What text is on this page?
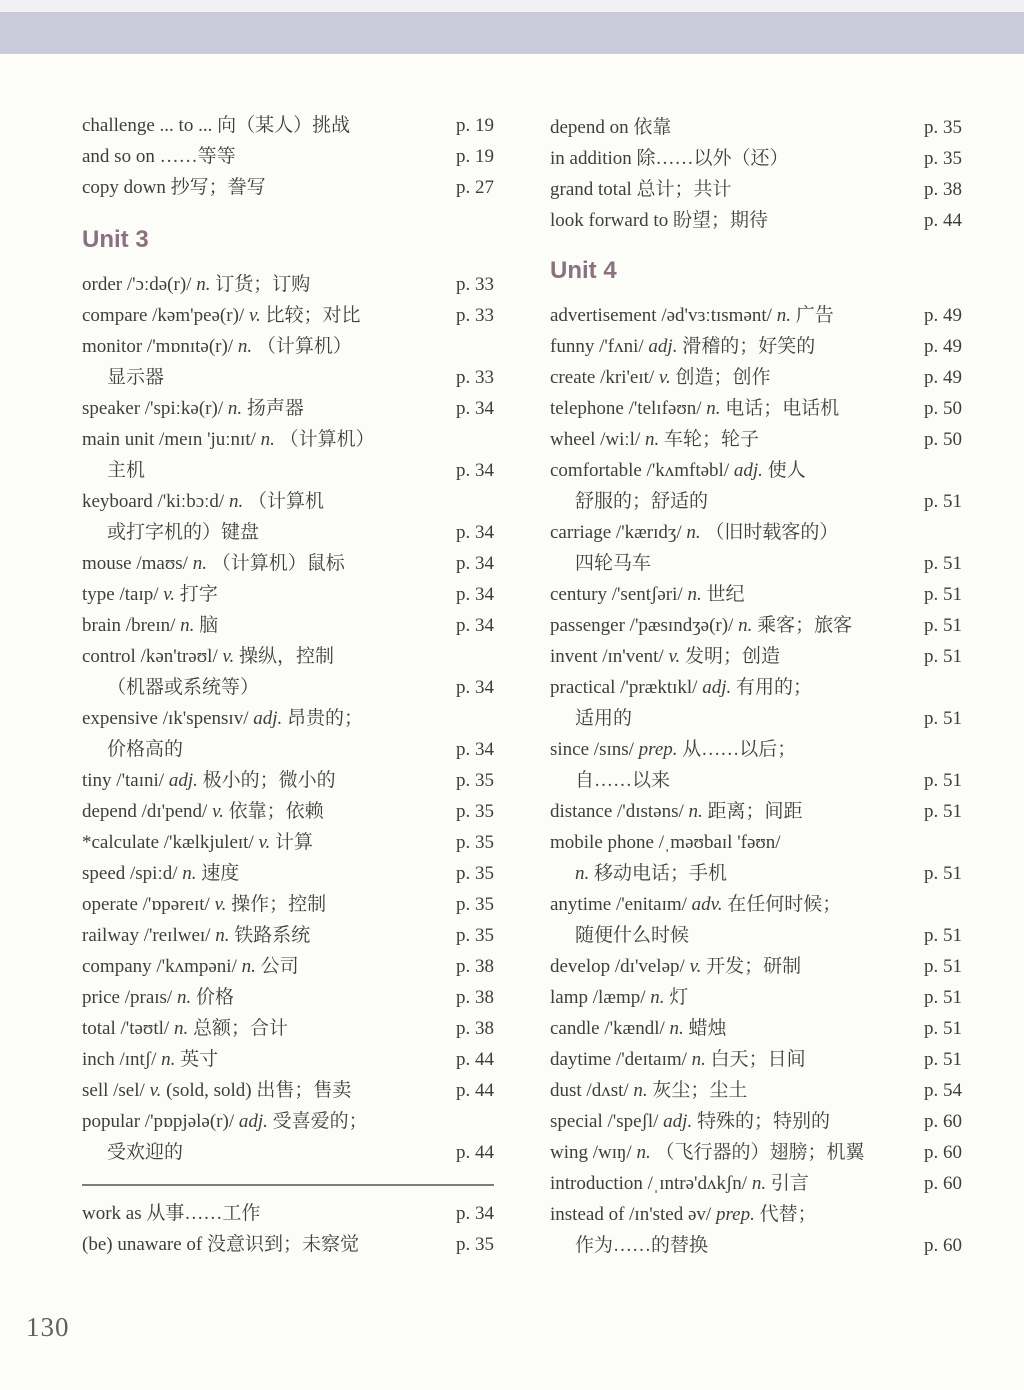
challenge ... to ... 向（某人）挑战	p. 19
and so on ……等等	p. 19
copy down 抄写；誊写	p. 27
Unit 3
order /'ɔːdə(r)/ n. 订货；订购	p. 33
compare /kəm'peə(r)/ v. 比较；对比	p. 33
monitor /'mɒnɪtə(r)/ n. （计算机）
显示器	p. 33
speaker /'spiːkə(r)/ n. 扬声器	p. 34
main unit /meɪn 'juːnɪt/ n. （计算机）
主机	p. 34
keyboard /'kiːbɔːd/ n. （计算机
或打字机的）键盘	p. 34
mouse /maʊs/ n. （计算机）鼠标	p. 34
type /taɪp/ v. 打字	p. 34
brain /breɪn/ n. 脑	p. 34
control /kən'trəʊl/ v. 操纵，控制
（机器或系统等）	p. 34
expensive /ɪk'spensɪv/ adj. 昂贵的；
价格高的	p. 34
tiny /'taɪni/ adj. 极小的；微小的	p. 35
depend /dɪ'pend/ v. 依靠；依赖	p. 35
*calculate /'kælkjuleɪt/ v. 计算	p. 35
speed /spiːd/ n. 速度	p. 35
operate /'ɒpəreɪt/ v. 操作；控制	p. 35
railway /'reɪlweɪ/ n. 铁路系统	p. 35
company /'kʌmpəni/ n. 公司	p. 38
price /praɪs/ n. 价格	p. 38
total /'təʊtl/ n. 总额；合计	p. 38
inch /ɪntʃ/ n. 英寸	p. 44
sell /sel/ v. (sold, sold) 出售；售卖	p. 44
popular /'pɒpjələ(r)/ adj. 受喜爱的；
受欢迎的	p. 44
work as 从事……工作	p. 34
(be) unaware of 没意识到；未察觉	p. 35
depend on 依靠	p. 35
in addition 除……以外（还）	p. 35
grand total 总计；共计	p. 38
look forward to 盼望；期待	p. 44
Unit 4
advertisement /əd'vɜːtɪsmənt/ n. 广告	p. 49
funny /'fʌni/ adj. 滑稽的；好笑的	p. 49
create /kri'eɪt/ v. 创造；创作	p. 49
telephone /'telɪfəʊn/ n. 电话；电话机	p. 50
wheel /wiːl/ n. 车轮；轮子	p. 50
comfortable /'kʌmftəbl/ adj. 使人
舒服的；舒适的	p. 51
carriage /'kærɪdʒ/ n. （旧时载客的）
四轮马车	p. 51
century /'sentʃəri/ n. 世纪	p. 51
passenger /'pæsɪndʒə(r)/ n. 乘客；旅客	p. 51
invent /ɪn'vent/ v. 发明；创造	p. 51
practical /'præktɪkl/ adj. 有用的；
适用的	p. 51
since /sɪns/ prep. 从……以后；
自……以来	p. 51
distance /'dɪstəns/ n. 距离；间距	p. 51
mobile phone /ˌməʊbaɪl 'fəʊn/
n. 移动电话；手机	p. 51
anytime /'enitaɪm/ adv. 在任何时候；
随便什么时候	p. 51
develop /dɪ'veləp/ v. 开发；研制	p. 51
lamp /læmp/ n. 灯	p. 51
candle /'kændl/ n. 蜡烛	p. 51
daytime /'deɪtaɪm/ n. 白天；日间	p. 51
dust /dʌst/ n. 灰尘；尘土	p. 54
special /'speʃl/ adj. 特殊的；特别的	p. 60
wing /wɪŋ/ n. （飞行器的）翅膀；机翼	p. 60
introduction /ˌɪntrə'dʌkʃn/ n. 引言	p. 60
instead of /ɪn'sted əv/ prep. 代替；
作为……的替换	p. 60
130
